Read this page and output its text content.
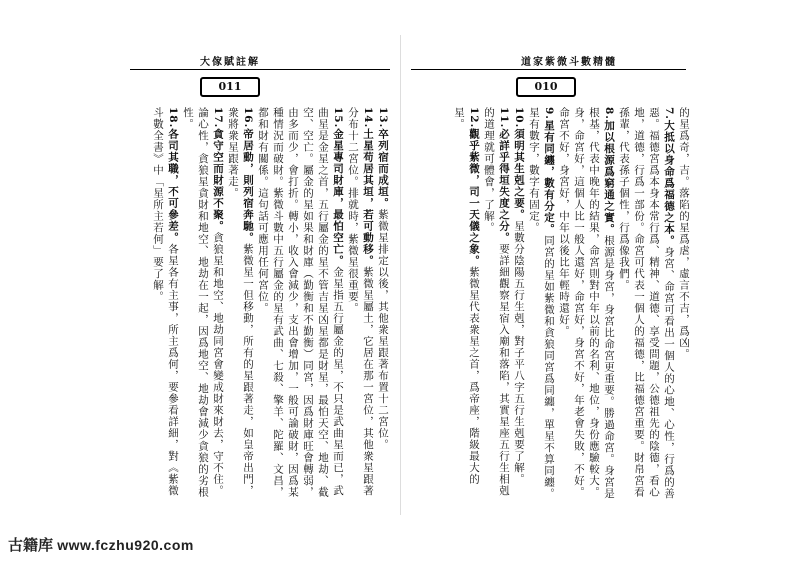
大傢賦註解
011

13.卒列宿而成垣。紫微星排定以後，其他衆星跟著布置十二宮位。

14.土星苟居其垣，若可動移。紫微星屬土，它居在那一宮位，其他衆星跟著分布十二宮位。排就時，紫微星很重要。

15.金星專司財庫，最怕空亡。金星指五行屬金的星，不只是武曲星而已，武曲星是金星之首，五行屬金的星不管吉星凶星都是財星，最怕天空、地劫、截空、空亡。屬金的星如果和財庫（勤衡和不勤衡）同宮，因爲財庫旺會轉弱，由多而少，會打折。轉小，收入會減少，支出會增加，一般可論破財，因爲某種情況而破財。紫微斗數中五行屬金的星有武曲、七殺、擎羊、陀羅、文昌，都和財有關係。這句話可應用任何宮位。

16.帝居動，則列宿奔馳。紫微星一但移動，所有的星跟著走，如皇帝出門，衆將衆星跟著走。

17.貪守空而財源不聚。貪狼星和地空、地劫同宮會變成財來財去，守不住。論心性，貪狼星貪財和地空、地劫在一起，因爲地空、地劫會減少貪狼的劣根性。

18.各司其職，不可參差。各星各有主事，所主爲何，要參看詳細，對《紫微斗數全書》中「星所主若何」要了解。

道家紫微斗數精髓
010

的星爲奇，吉。落陷的星爲虐，虛言不吉，爲凶。

7.大抵以身命爲福德之本。身宮、命宮可看出一個人的心地、心性，行爲的善惡。福德宮爲本身本常行爲、精神、道德、享受問題，公德祖先的陰德，看心地，道德，行爲一部份。命宮可代表一個人的福德，比福德宮重要。財帛宮看孫輩，代表孫子個性，行爲像我們。

8.加以根源爲窮通之實。根源是身宮，身宮比命宮更重要。勝過命宮。身宮是根基，代表中晚年的結果，命宮則對中年以前的名利、地位，身份應驗較大。身，命宮好，這個人比一般人還好，命宮好，身宮不好，年老會失敗，不好。命宮不好，身宮好，中年以後比年輕時還好。

9.星有同纏，數有分定。同宮的星如紫微和貪狼同宮爲同纏，單星不算同纏。星有數字，數字有固定。

10.須明其生剋之要。星數分陰陽五行生剋，對子平八字五行生剋要了解。

11.必詳乎得垣失度之分。要詳細觀察星宿入廟和落陷，其實星座五行生相剋的道理就可體會，了解。

12.觀乎紫微，司一天儀之象。紫微星代表衆星之首，爲帝座，階級最大的星。

古籍库 www.fczhu920.com
